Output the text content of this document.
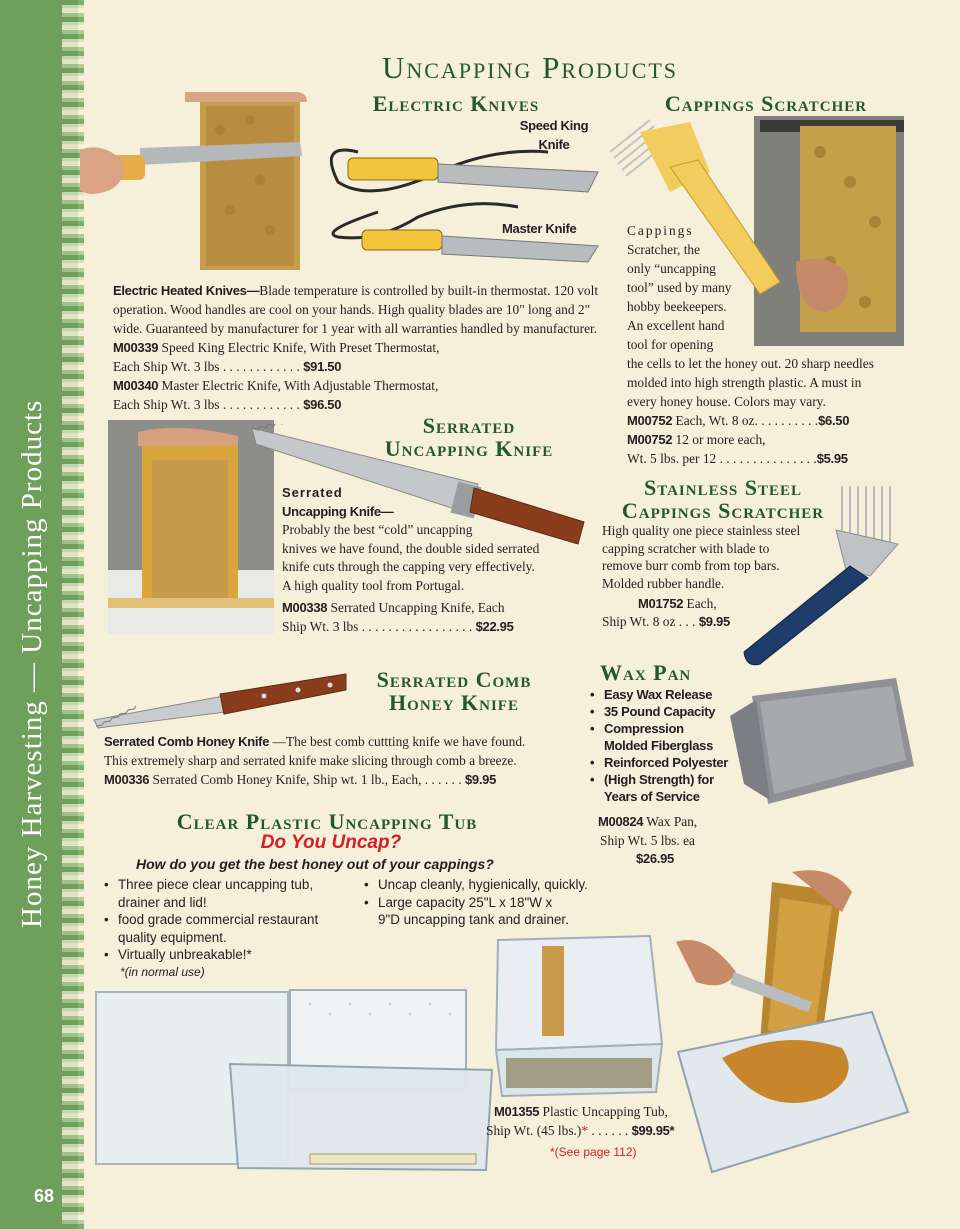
Honey Harvesting — Uncapping Products
68
Uncapping Products
Electric Knives
Speed King
Knife
Master Knife
Electric Heated Knives—Blade temperature is controlled by built-in thermostat. 120 volt
operation. Wood handles are cool on your hands. High quality blades are 10" long and 2"
wide. Guaranteed by manufacturer for 1 year with all warranties handled by manufacturer.
M00339 Speed King Electric Knife, With Preset Thermostat,
Each Ship Wt. 3 lbs . . . . . . . . . . . . $91.50
M00340 Master Electric Knife, With Adjustable Thermostat,
Each Ship Wt. 3 lbs . . . . . . . . . . . . $96.50
Cappings Scratcher
Cappings
Scratcher, the
only “uncapping
tool” used by many
hobby beekeepers.
An excellent hand
tool for opening
the cells to let the honey out. 20 sharp needles
molded into high strength plastic. A must in
every honey house. Colors may vary.
M00752 Each, Wt. 8 oz. . . . . . . . . .$6.50
M00752 12 or more each,
Wt. 5 lbs. per 12 . . . . . . . . . . . . . . .$5.95
Serrated
Uncapping Knife
Serrated
Uncapping Knife—
Probably the best “cold” uncapping
knives we have found, the double sided serrated
knife cuts through the capping very effectively.
A high quality tool from Portugal.
M00338 Serrated Uncapping Knife, Each
Ship Wt. 3 lbs . . . . . . . . . . . . . . . . . $22.95
Stainless Steel
Cappings Scratcher
High quality one piece stainless steel
capping scratcher with blade to
remove burr comb from top bars.
Molded rubber handle.
M01752 Each,
Ship Wt. 8 oz . . . $9.95
Serrated Comb
Honey Knife
Serrated Comb Honey Knife —The best comb cuttting knife we have found.
This extremely sharp and serrated knife make slicing through comb a breeze.
M00336 Serrated Comb Honey Knife, Ship wt. 1 lb., Each, . . . . . . $9.95
Wax Pan
• Easy Wax Release
• 35 Pound Capacity
• Compression
Molded Fiberglass
• Reinforced Polyester
• (High Strength) for
Years of Service
M00824 Wax Pan,
Ship Wt. 5 lbs. ea
$26.95
Clear Plastic Uncapping Tub
Do You Uncap?
How do you get the best honey out of your cappings?
• Three piece clear uncapping tub,
drainer and lid!
• food grade commercial restaurant
quality equipment.
• Virtually unbreakable!*
*(in normal use)
• Uncap cleanly, hygienically, quickly.
• Large capacity 25"L x 18"W x
9"D uncapping tank and drainer.
M01355 Plastic Uncapping Tub,
Ship Wt. (45 lbs.)* . . . . . . $99.95*
*(See page 112)
